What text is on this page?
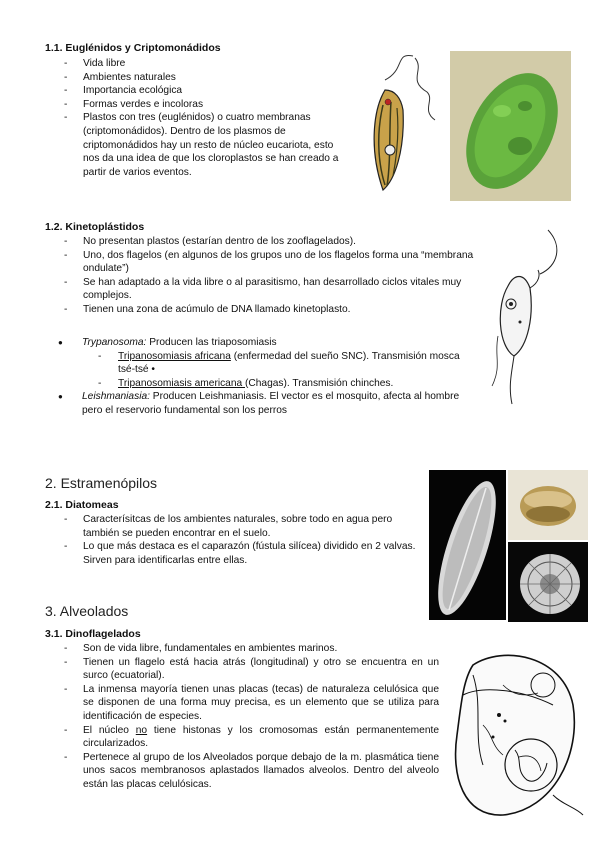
1.1. Euglénidos y Criptomonádidos
- Vida libre
- Ambientes naturales
- Importancia ecológica
- Formas verdes e incoloras
- Plastos con tres (euglénidos) o cuatro membranas (criptomonádidos). Dentro de los plasmos de criptomonádidos hay un resto de núcleo eucariota, esto nos da una idea de que los cloroplastos se han creado a partir de varios eventos.
1.2. Kinetoplástidos
- No presentan plastos (estarían dentro de los zooflagelados).
- Uno, dos flagelos (en algunos de los grupos uno de los flagelos forma una “membrana ondulate”)
- Se han adaptado a la vida libre o al parasitismo, han desarrollado ciclos vitales muy complejos.
- Tienen una zona de acúmulo de DNA llamado kinetoplasto.
● Trypanosoma: Producen las triaposomiasis
- Tripanosomiasis africana (enfermedad del sueño SNC). Transmisión mosca tsé-tsé •
- Tripanosomiasis americana (Chagas). Transmisión chinches.
● Leishmaniasia: Producen Leishmaniasis. El vector es el mosquito, afecta al hombre pero el reservorio fundamental son los perros
2. Estramenópilos
2.1. Diatomeas
- Caracterísitcas de los ambientes naturales, sobre todo en agua pero también se pueden encontrar en el suelo.
- Lo que más destaca es el caparazón (fústula silícea) dividido en 2 valvas. Sirven para identificarlas entre ellas.
3. Alveolados
3.1. Dinoflagelados
- Son de vida libre, fundamentales en ambientes marinos.
- Tienen un flagelo está hacia atrás (longitudinal) y otro se encuentra en un surco (ecuatorial).
- La inmensa mayoría tienen unas placas (tecas) de naturaleza celulósica que se disponen de una forma muy precisa, es un elemento que se utiliza para identificación de especies.
- El núcleo no tiene histonas y los cromosomas están permanentemente circularizados.
- Pertenece al grupo de los Alveolados porque debajo de la m. plasmática tiene unos sacos membranosos aplastados llamados alveolos. Dentro del alveolo están las placas celulósicas.
